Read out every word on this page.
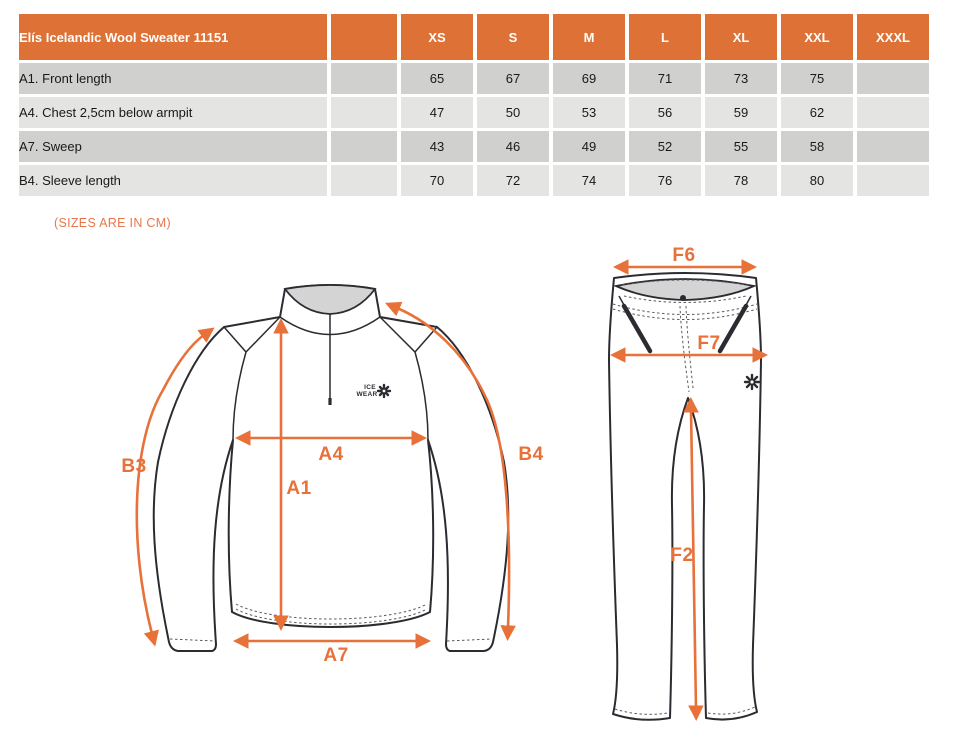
Elís Icelandic Wool Sweater 11151		XS	S	M	L	XL	XXL	XXXL
A1. Front length		65	67	69	71	73	75	
A4. Chest 2,5cm below armpit		47	50	53	56	59	62	
A7. Sweep		43	46	49	52	55	58	
B4. Sleeve length		70	72	74	76	78	80	
(SIZES ARE IN CM)
ICE
WEAR
B3
A4
A1
B4
A7
F6
F7
F2
